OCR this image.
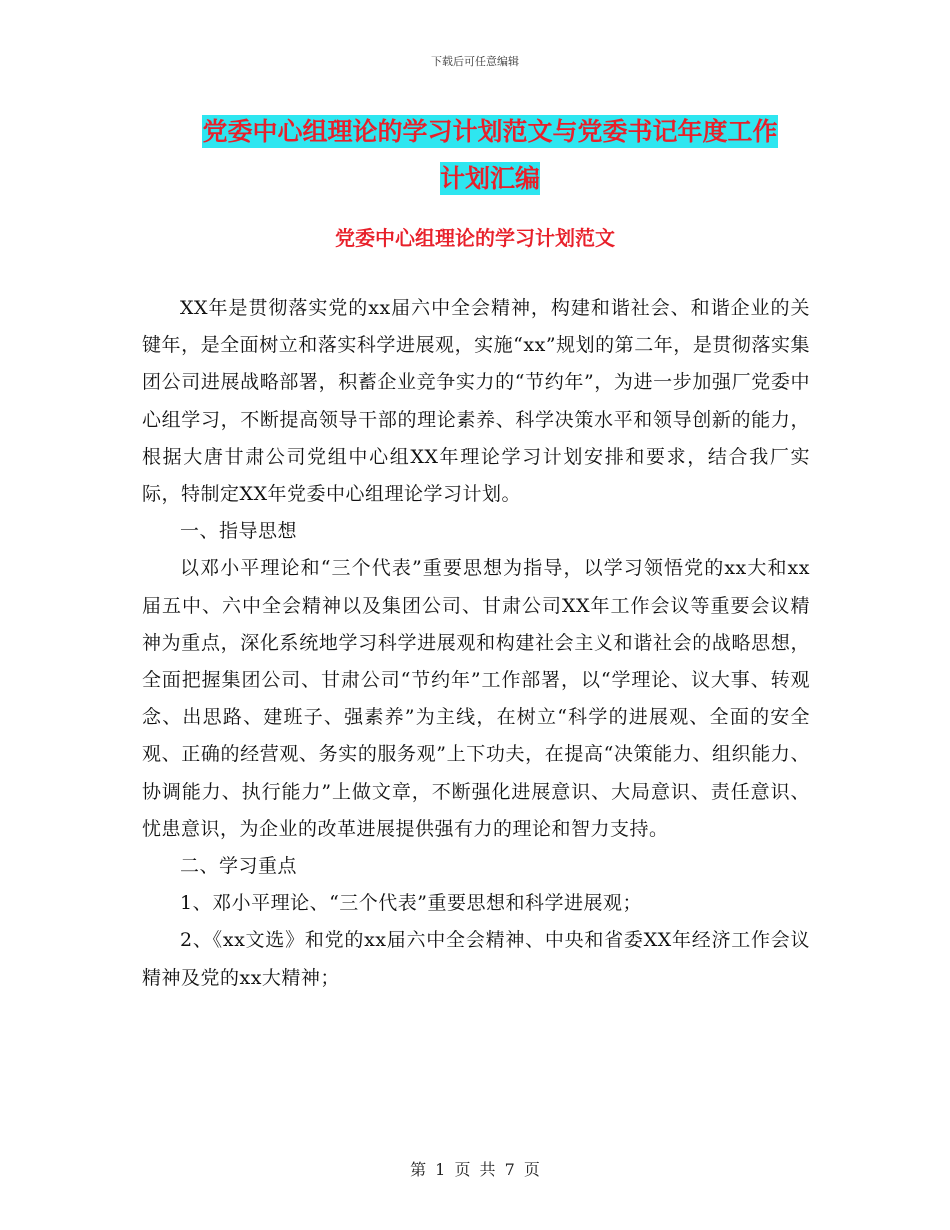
下载后可任意编辑
党委中心组理论的学习计划范文与党委书记年度工作
计划汇编
党委中心组理论的学习计划范文

XX年是贯彻落实党的xx届六中全会精神，构建和谐社会、和谐企业的关键年，是全面树立和落实科学进展观，实施“xx”规划的第二年，是贯彻落实集团公司进展战略部署，积蓄企业竞争实力的“节约年”，为进一步加强厂党委中心组学习，不断提高领导干部的理论素养、科学决策水平和领导创新的能力，根据大唐甘肃公司党组中心组XX年理论学习计划安排和要求，结合我厂实际，特制定XX年党委中心组理论学习计划。

一、指导思想

以邓小平理论和“三个代表”重要思想为指导，以学习领悟党的xx大和xx届五中、六中全会精神以及集团公司、甘肃公司XX年工作会议等重要会议精神为重点，深化系统地学习科学进展观和构建社会主义和谐社会的战略思想，全面把握集团公司、甘肃公司“节约年”工作部署，以“学理论、议大事、转观念、出思路、建班子、强素养”为主线，在树立“科学的进展观、全面的安全观、正确的经营观、务实的服务观”上下功夫，在提高“决策能力、组织能力、协调能力、执行能力”上做文章，不断强化进展意识、大局意识、责任意识、忧患意识，为企业的改革进展提供强有力的理论和智力支持。

二、学习重点

1、邓小平理论、“三个代表”重要思想和科学进展观；

2、《xx文选》和党的xx届六中全会精神、中央和省委XX年经济工作会议精神及党的xx大精神；

第 1 页 共 7 页
